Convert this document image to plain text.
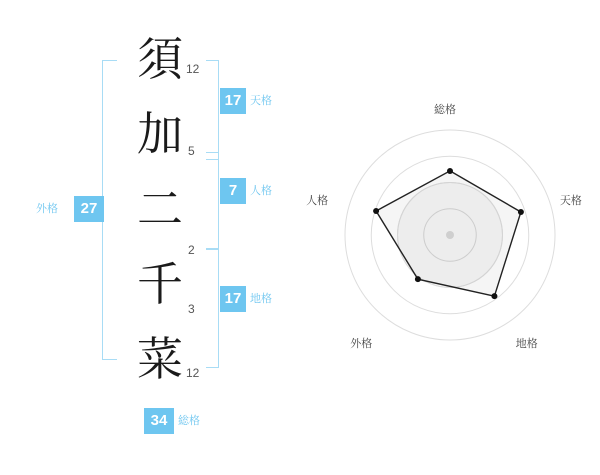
須
加
二
千
菜
12
5
2
3
12
17 天格
7	人格
27
外格
17 地格
34 総格
総格
天格
地格
外格
人格
